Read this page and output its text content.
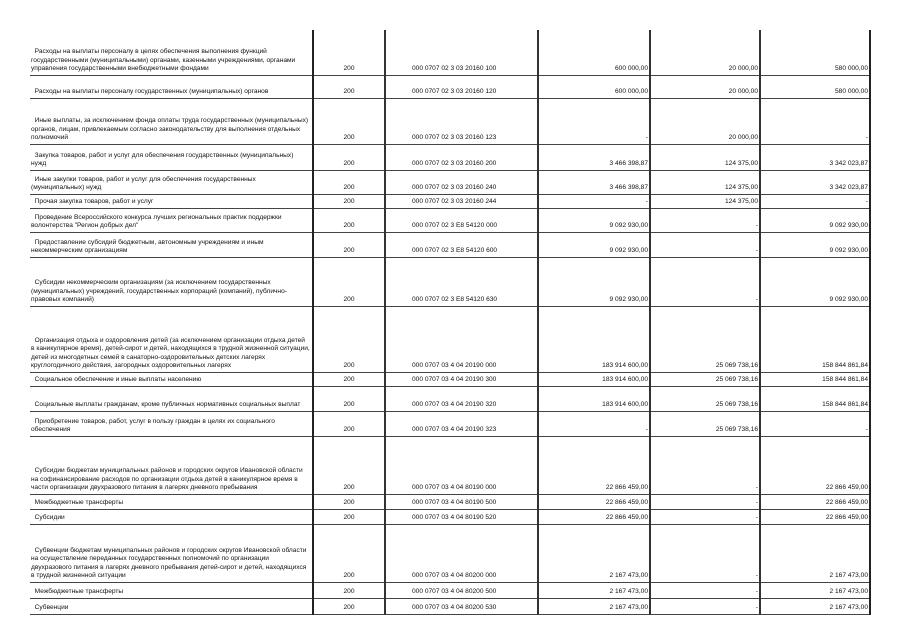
Расходы на выплаты персоналу в целях обеспечения выполнения функций государственными (муниципальными) органами, казенными учреждениями, органами управления государственными внебюджетными фондами	200	000 0707 02 3 03 20160 100	600 000,00	20 000,00	580 000,00
Расходы на выплаты персоналу государственных (муниципальных) органов	200	000 0707 02 3 03 20160 120	600 000,00	20 000,00	580 000,00
Иные выплаты, за исключением фонда оплаты труда государственных (муниципальных) органов, лицам, привлекаемым согласно законодательству для выполнения отдельных полномочий	200	000 0707 02 3 03 20160 123	-	20 000,00	-
Закупка товаров, работ и услуг для обеспечения государственных (муниципальных) нужд	200	000 0707 02 3 03 20160 200	3 466 398,87	124 375,00	3 342 023,87
Иные закупки товаров, работ и услуг для обеспечения государственных (муниципальных) нужд	200	000 0707 02 3 03 20160 240	3 466 398,87	124 375,00	3 342 023,87
Прочая закупка товаров, работ и услуг	200	000 0707 02 3 03 20160 244	-	124 375,00	-
Проведение Всероссийского конкурса лучших региональных практик поддержки волонтерства "Регион добрых дел"	200	000 0707 02 3 E8 54120 000	9 092 930,00	-	9 092 930,00
Предоставление субсидий бюджетным, автономным учреждениям и иным некоммерческим организациям	200	000 0707 02 3 E8 54120 600	9 092 930,00	-	9 092 930,00
Субсидии некоммерческим организациям (за исключением государственных (муниципальных) учреждений, государственных корпораций (компаний), публично-правовых компаний)	200	000 0707 02 3 E8 54120 630	9 092 930,00	-	9 092 930,00
Организация отдыха и оздоровления детей (за исключением организации отдыха детей в каникулярное время), детей-сирот и детей, находящихся в трудной жизненной ситуации, детей из многодетных семей в санаторно-оздоровительных детских лагерях круглогодичного действия, загородных оздоровительных лагерях	200	000 0707 03 4 04 20190 000	183 914 600,00	25 069 738,16	158 844 861,84
Социальное обеспечение и иные выплаты населению	200	000 0707 03 4 04 20190 300	183 914 600,00	25 069 738,16	158 844 861,84
Социальные выплаты гражданам, кроме публичных нормативных социальных выплат	200	000 0707 03 4 04 20190 320	183 914 600,00	25 069 738,16	158 844 861,84
Приобретение товаров, работ, услуг в пользу граждан в целях их социального обеспечения	200	000 0707 03 4 04 20190 323	-	25 069 738,16	-
Субсидии бюджетам муниципальных районов и городских округов Ивановской области на софинансирование расходов по организации отдыха детей в каникулярное время в части организации двухразового питания в лагерях дневного пребывания	200	000 0707 03 4 04 80190 000	22 866 459,00	-	22 866 459,00
Межбюджетные трансферты	200	000 0707 03 4 04 80190 500	22 866 459,00	-	22 866 459,00
Субсидии	200	000 0707 03 4 04 80190 520	22 866 459,00	-	22 866 459,00
Субвенции бюджетам муниципальных районов и городских округов Ивановской области на осуществление переданных государственных полномочий по организации двухразового питания в лагерях дневного пребывания детей-сирот и детей, находящихся в трудной жизненной ситуации	200	000 0707 03 4 04 80200 000	2 167 473,00	-	2 167 473,00
Межбюджетные трансферты	200	000 0707 03 4 04 80200 500	2 167 473,00	-	2 167 473,00
Субвенции	200	000 0707 03 4 04 80200 530	2 167 473,00	-	2 167 473,00
